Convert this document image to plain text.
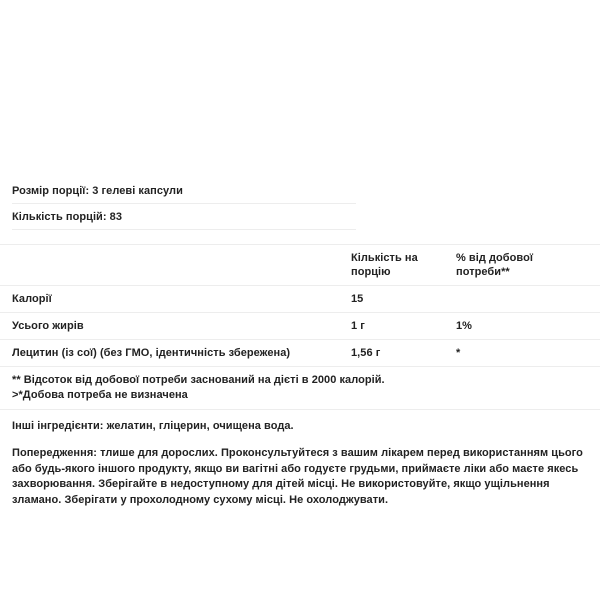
Розмір порції: 3 гелеві капсули
Кількість порцій: 83
	Кількість на порцію	% від добової потреби**
Калорії	15	
Усього жирів	1 г	1%
Лецитин (із сої) (без ГМО, ідентичність збережена)	1,56 г	*
** Відсоток від добової потреби заснований на дієті в 2000 калорій.
>*Добова потреба не визначена
Інші інгредієнти: желатин, гліцерин, очищена вода.
Попередження: тлише для дорослих. Проконсультуйтеся з вашим лікарем перед використанням цього або будь-якого іншого продукту, якщо ви вагітні або годуєте грудьми, приймаєте ліки або маєте якесь захворювання. Зберігайте в недоступному для дітей місці. Не використовуйте, якщо ущільнення зламано. Зберігати у прохолодному сухому місці. Не охолоджувати.
